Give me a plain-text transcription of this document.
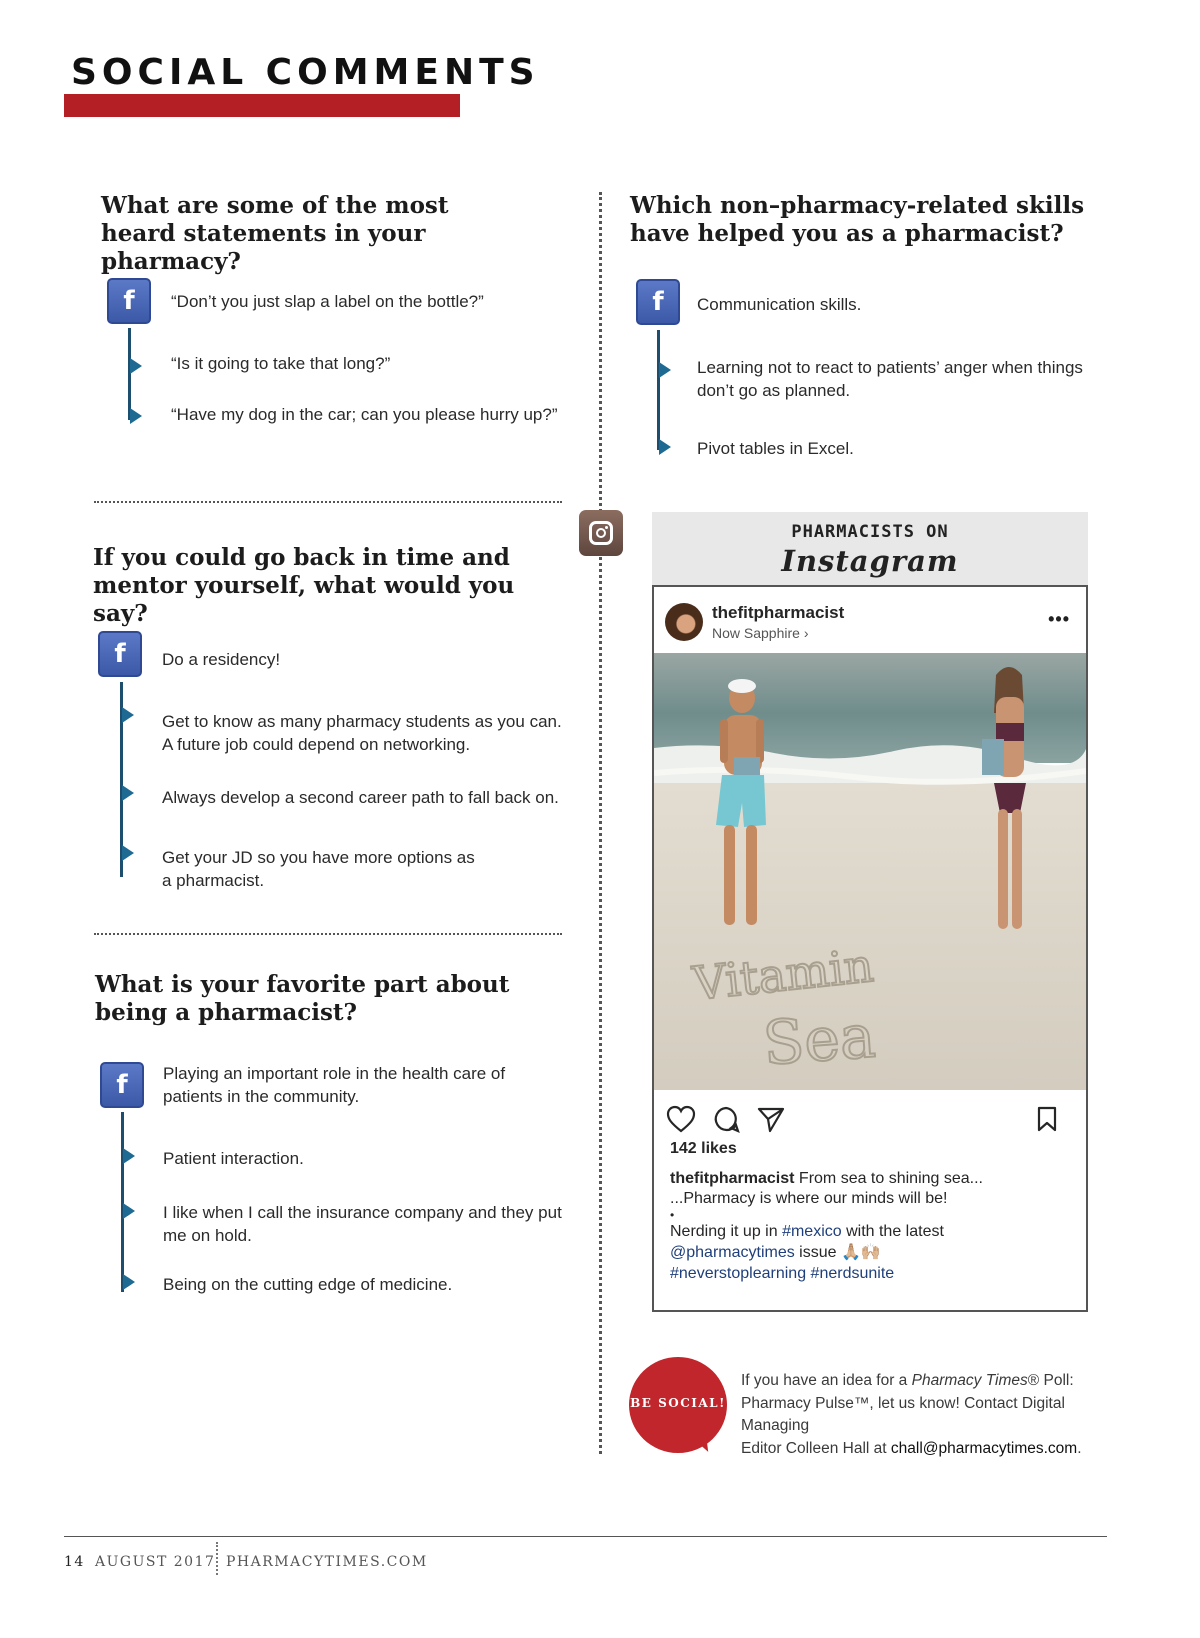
SOCIAL COMMENTS
What are some of the most heard statements in your pharmacy?
f	“Don’t you just slap a label on the bottle?”
“Is it going to take that long?”
“Have my dog in the car; can you please hurry up?”
If you could go back in time and mentor yourself, what would you say?
f	Do a residency!
Get to know as many pharmacy students as you can.
A future job could depend on networking.
Always develop a second career path to fall back on.
Get your JD so you have more options as
a pharmacist.
What is your favorite part about being a pharmacist?
f	Playing an important role in the health care of
patients in the community.
Patient interaction.
I like when I call the insurance company and they put
me on hold.
Being on the cutting edge of medicine.
Which non–pharmacy-related skills have helped you as a pharmacist?
f	Communication skills.
Learning not to react to patients’ anger when things
don’t go as planned.
Pivot tables in Excel.
PHARMACISTS ON
Instagram
thefitpharmacist
Now Sapphire ›
•••
Vitamin
Sea
142 likes
thefitpharmacist From sea to shining sea...
...Pharmacy is where our minds will be!
•
Nerding it up in #mexico with the latest
@pharmacytimes issue 🙏🏼🙌🏼
#neverstoplearning #nerdsunite
BE SOCIAL!
If you have an idea for a Pharmacy Times® Poll:
Pharmacy Pulse™, let us know! Contact Digital Managing
Editor Colleen Hall at chall@pharmacytimes.com.
14 AUGUST 2017 PHARMACYTIMES.COM
